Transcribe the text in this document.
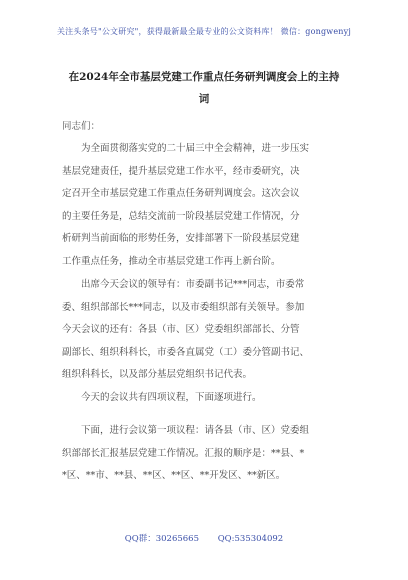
关注头条号"公文研究"，获得最新最全最专业的公文资料库！ 微信：gongwenyj
在2024年全市基层党建工作重点任务研判调度会上的主持
词
同志们：
为全面贯彻落实党的二十届三中全会精神，进一步压实
基层党建责任，提升基层党建工作水平，经市委研究，决
定召开全市基层党建工作重点任务研判调度会。这次会议
的主要任务是，总结交流前一阶段基层党建工作情况，分
析研判当前面临的形势任务，安排部署下一阶段基层党建
工作重点任务，推动全市基层党建工作再上新台阶。
出席今天会议的领导有：市委副书记***同志，市委常
委、组织部部长***同志，以及市委组织部有关领导。参加
今天会议的还有：各县（市、区）党委组织部部长、分管
副部长、组织科科长，市委各直属党（工）委分管副书记、
组织科科长，以及部分基层党组织书记代表。
今天的会议共有四项议程，下面逐项进行。
下面，进行会议第一项议程：请各县（市、区）党委组
织部部长汇报基层党建工作情况。汇报的顺序是：**县、*
*区、**市、**县、**区、**区、**开发区、**新区。
QQ群：30265665 QQ:535304092
